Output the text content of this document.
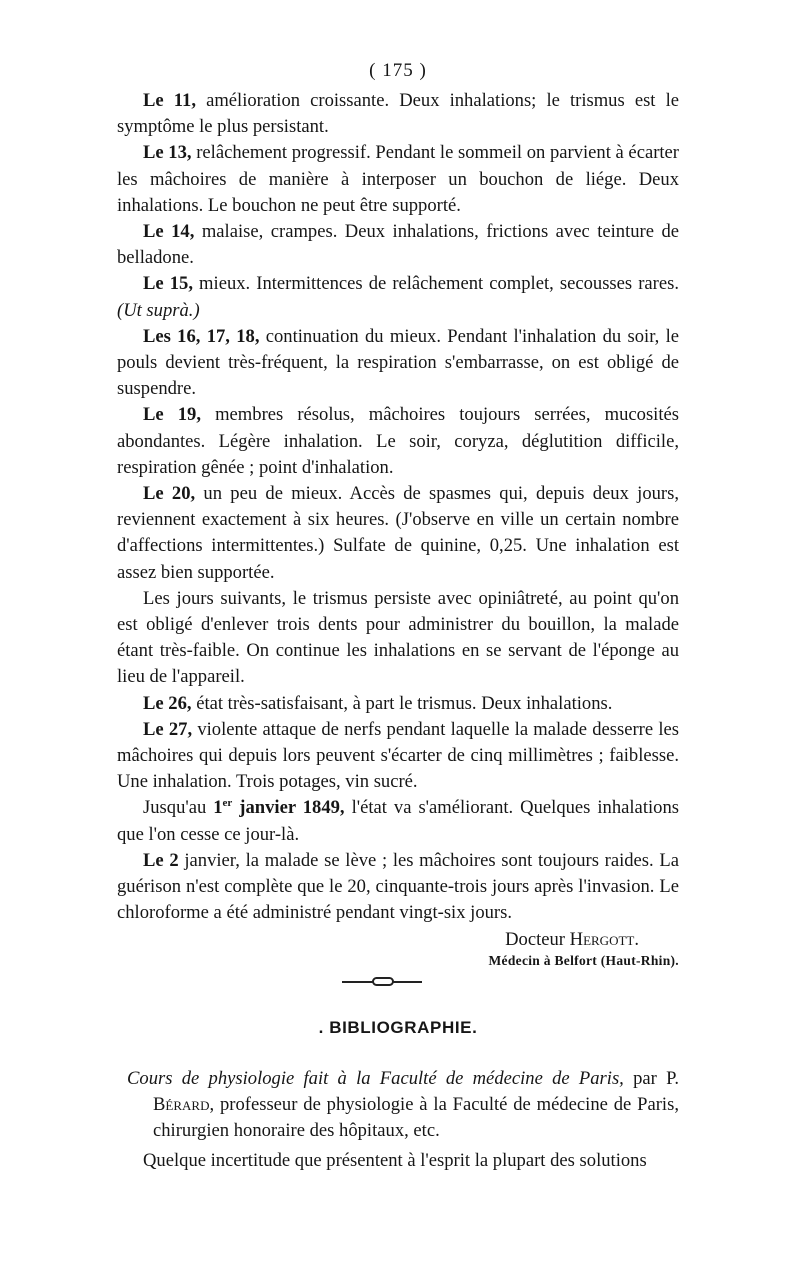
( 175 )

Le 11, amélioration croissante. Deux inhalations; le trismus est le symptôme le plus persistant.

Le 13, relâchement progressif. Pendant le sommeil on parvient à écarter les mâchoires de manière à interposer un bouchon de liége. Deux inhalations. Le bouchon ne peut être supporté.

Le 14, malaise, crampes. Deux inhalations, frictions avec teinture de belladone.

Le 15, mieux. Intermittences de relâchement complet, secousses rares. (Ut suprà.)

Les 16, 17, 18, continuation du mieux. Pendant l'inhalation du soir, le pouls devient très-fréquent, la respiration s'embarrasse, on est obligé de suspendre.

Le 19, membres résolus, mâchoires toujours serrées, mucosités abondantes. Légère inhalation. Le soir, coryza, déglutition difficile, respiration gênée ; point d'inhalation.

Le 20, un peu de mieux. Accès de spasmes qui, depuis deux jours, reviennent exactement à six heures. (J'observe en ville un certain nombre d'affections intermittentes.) Sulfate de quinine, 0,25. Une inhalation est assez bien supportée.

Les jours suivants, le trismus persiste avec opiniâtreté, au point qu'on est obligé d'enlever trois dents pour administrer du bouillon, la malade étant très-faible. On continue les inhalations en se servant de l'éponge au lieu de l'appareil.

Le 26, état très-satisfaisant, à part le trismus. Deux inhalations.

Le 27, violente attaque de nerfs pendant laquelle la malade desserre les mâchoires qui depuis lors peuvent s'écarter de cinq millimètres ; faiblesse. Une inhalation. Trois potages, vin sucré.

Jusqu'au 1er janvier 1849, l'état va s'améliorant. Quelques inhalations que l'on cesse ce jour-là.

Le 2 janvier, la malade se lève ; les mâchoires sont toujours raides. La guérison n'est complète que le 20, cinquante-trois jours après l'invasion. Le chloroforme a été administré pendant vingt-six jours.

Docteur Hergott.
Médecin à Belfort (Haut-Rhin).
. BIBLIOGRAPHIE.

Cours de physiologie fait à la Faculté de médecine de Paris, par P. Bérard, professeur de physiologie à la Faculté de médecine de Paris, chirurgien honoraire des hôpitaux, etc.

Quelque incertitude que présentent à l'esprit la plupart des solutions
